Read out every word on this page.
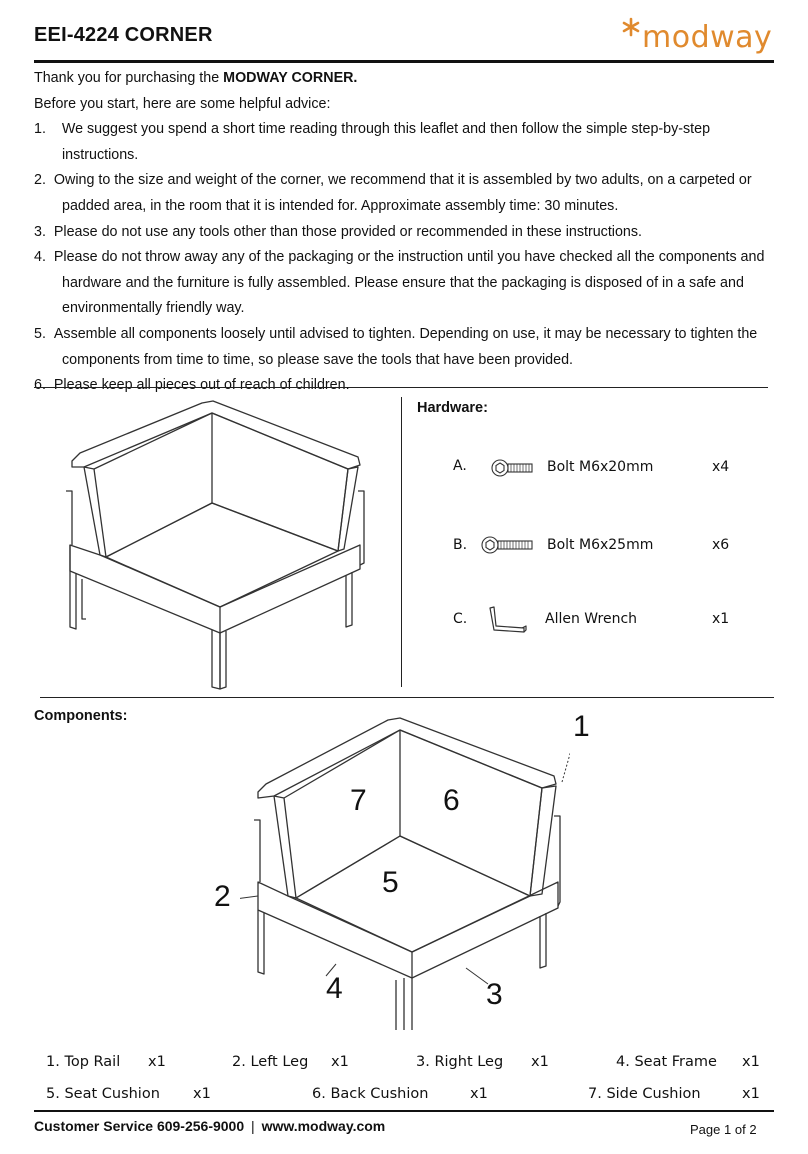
EEI-4224 CORNER	modway

Thank you for purchasing the MODWAY CORNER.

Before you start, here are some helpful advice:

1. We suggest you spend a short time reading through this leaflet and then follow the simple step-by-step instructions.

2. Owing to the size and weight of the corner, we recommend that it is assembled by two adults, on a carpeted or padded area, in the room that it is intended for. Approximate assembly time: 30 minutes.

3. Please do not use any tools other than those provided or recommended in these instructions.

4. Please do not throw away any of the packaging or the instruction until you have checked all the components and hardware and the furniture is fully assembled. Please ensure that the packaging is disposed of in a safe and environmentally friendly way.

5. Assemble all components loosely until advised to tighten. Depending on use, it may be necessary to tighten the components from time to time, so please save the tools that have been provided.

6. Please keep all pieces out of reach of children.

Hardware:
A.	Bolt M6x20mm	x4
B.	Bolt M6x25mm	x6
C.	Allen Wrench	x1
Components:	1
2
3
4
5
6
7
1. Top Rail x1	2. Left Leg x1	3. Right Leg x1	4. Seat Frame x1
5. Seat Cushion x1	6. Back Cushion	x1	7. Side Cushion	x1
Customer Service 609-256-9000 | www.modway.com	Page 1 of 2
